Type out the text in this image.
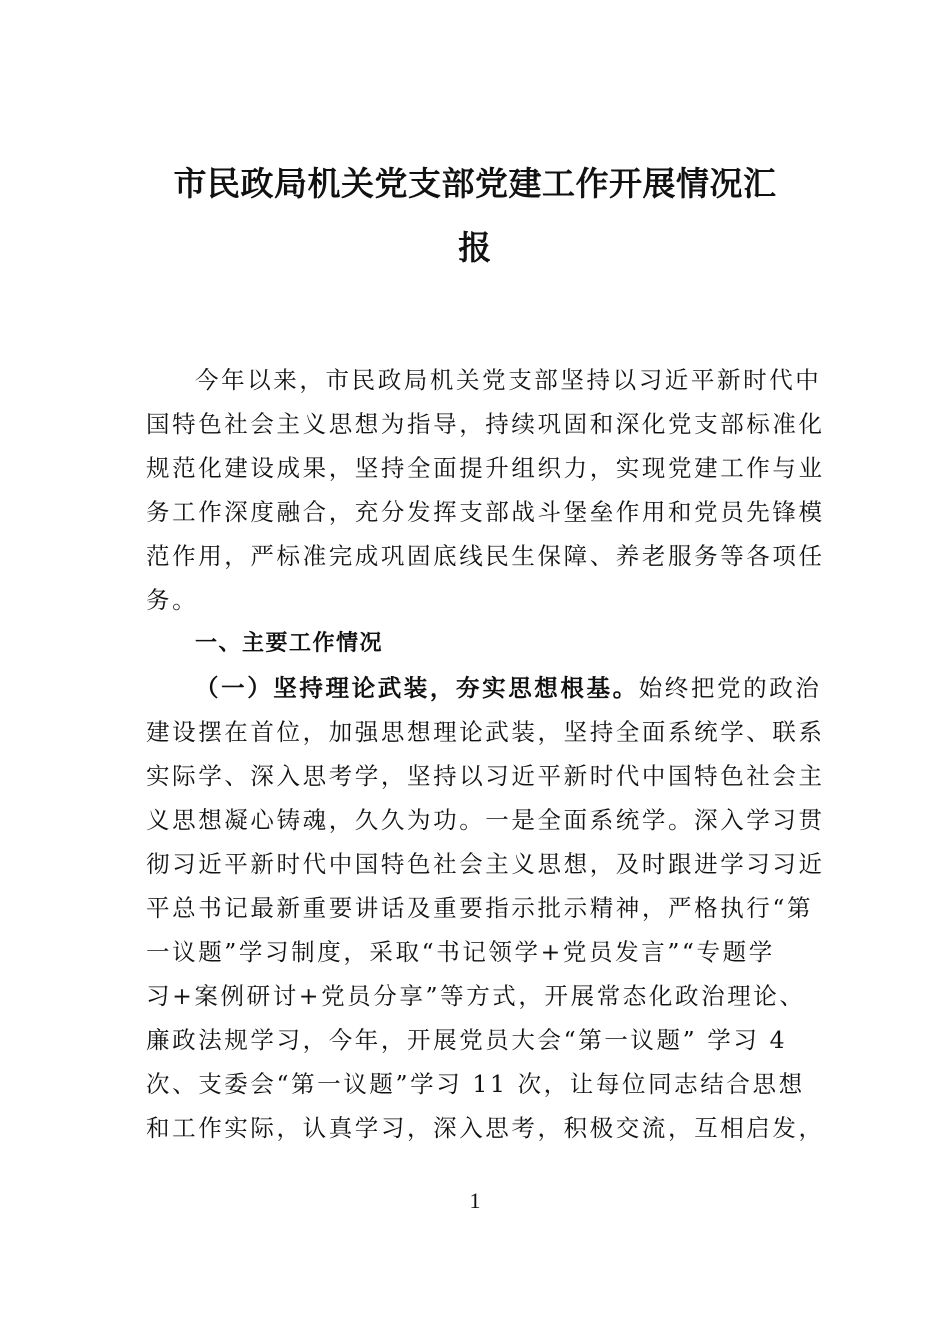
市民政局机关党支部党建工作开展情况汇
报
今年以来，市民政局机关党支部坚持以习近平新时代中
国特色社会主义思想为指导，持续巩固和深化党支部标准化
规范化建设成果，坚持全面提升组织力，实现党建工作与业
务工作深度融合，充分发挥支部战斗堡垒作用和党员先锋模
范作用，严标准完成巩固底线民生保障、养老服务等各项任
务。
一、主要工作情况
（一）坚持理论武装，夯实思想根基。始终把党的政治
建设摆在首位，加强思想理论武装，坚持全面系统学、联系
实际学、深入思考学，坚持以习近平新时代中国特色社会主
义思想凝心铸魂，久久为功。一是全面系统学。深入学习贯
彻习近平新时代中国特色社会主义思想，及时跟进学习习近
平总书记最新重要讲话及重要指示批示精神，严格执行“第
一议题”学习制度，采取“书记领学+党员发言”“专题学
习+案例研讨+党员分享”等方式，开展常态化政治理论、
廉政法规学习，今年，开展党员大会“第一议题” 学习 4
次、支委会“第一议题”学习 11 次，让每位同志结合思想
和工作实际，认真学习，深入思考，积极交流，互相启发，
1
